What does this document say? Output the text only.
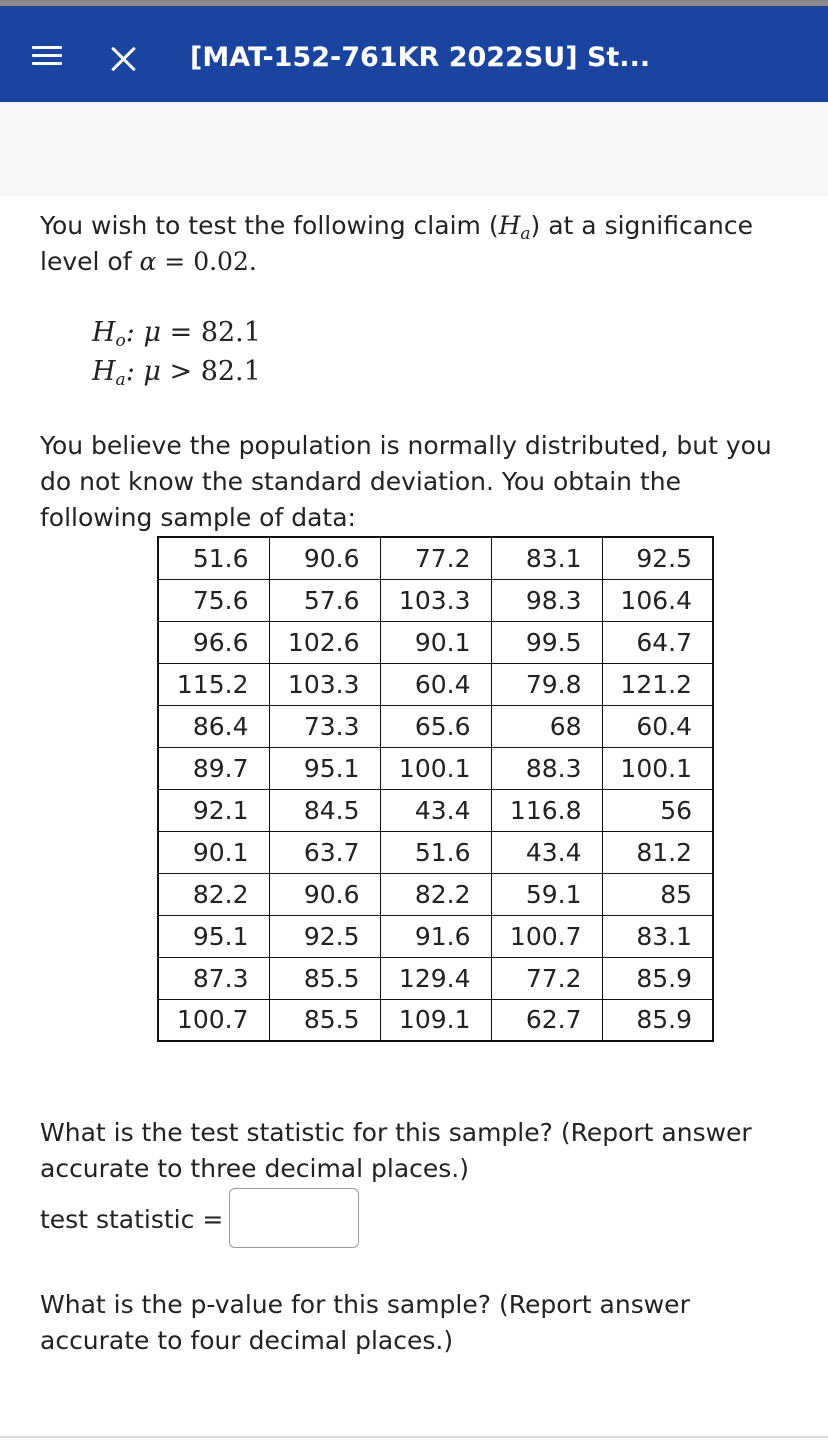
[MAT-152-761KR 2022SU] St...
You wish to test the following claim $(H_a)$ at a significance level of α = 0.02.
$H_o$: μ = 82.1
$H_a$: μ > 82.1
You believe the population is normally distributed, but you do not know the standard deviation. You obtain the following sample of data:
51.6	90.6	77.2	83.1	92.5
75.6	57.6	103.3	98.3	106.4
96.6	102.6	90.1	99.5	64.7
115.2	103.3	60.4	79.8	121.2
86.4	73.3	65.6	68	60.4
89.7	95.1	100.1	88.3	100.1
92.1	84.5	43.4	116.8	56
90.1	63.7	51.6	43.4	81.2
82.2	90.6	82.2	59.1	85
95.1	92.5	91.6	100.7	83.1
87.3	85.5	129.4	77.2	85.9
100.7	85.5	109.1	62.7	85.9
What is the test statistic for this sample? (Report answer accurate to three decimal places.)
test statistic =
What is the p-value for this sample? (Report answer accurate to four decimal places.)
